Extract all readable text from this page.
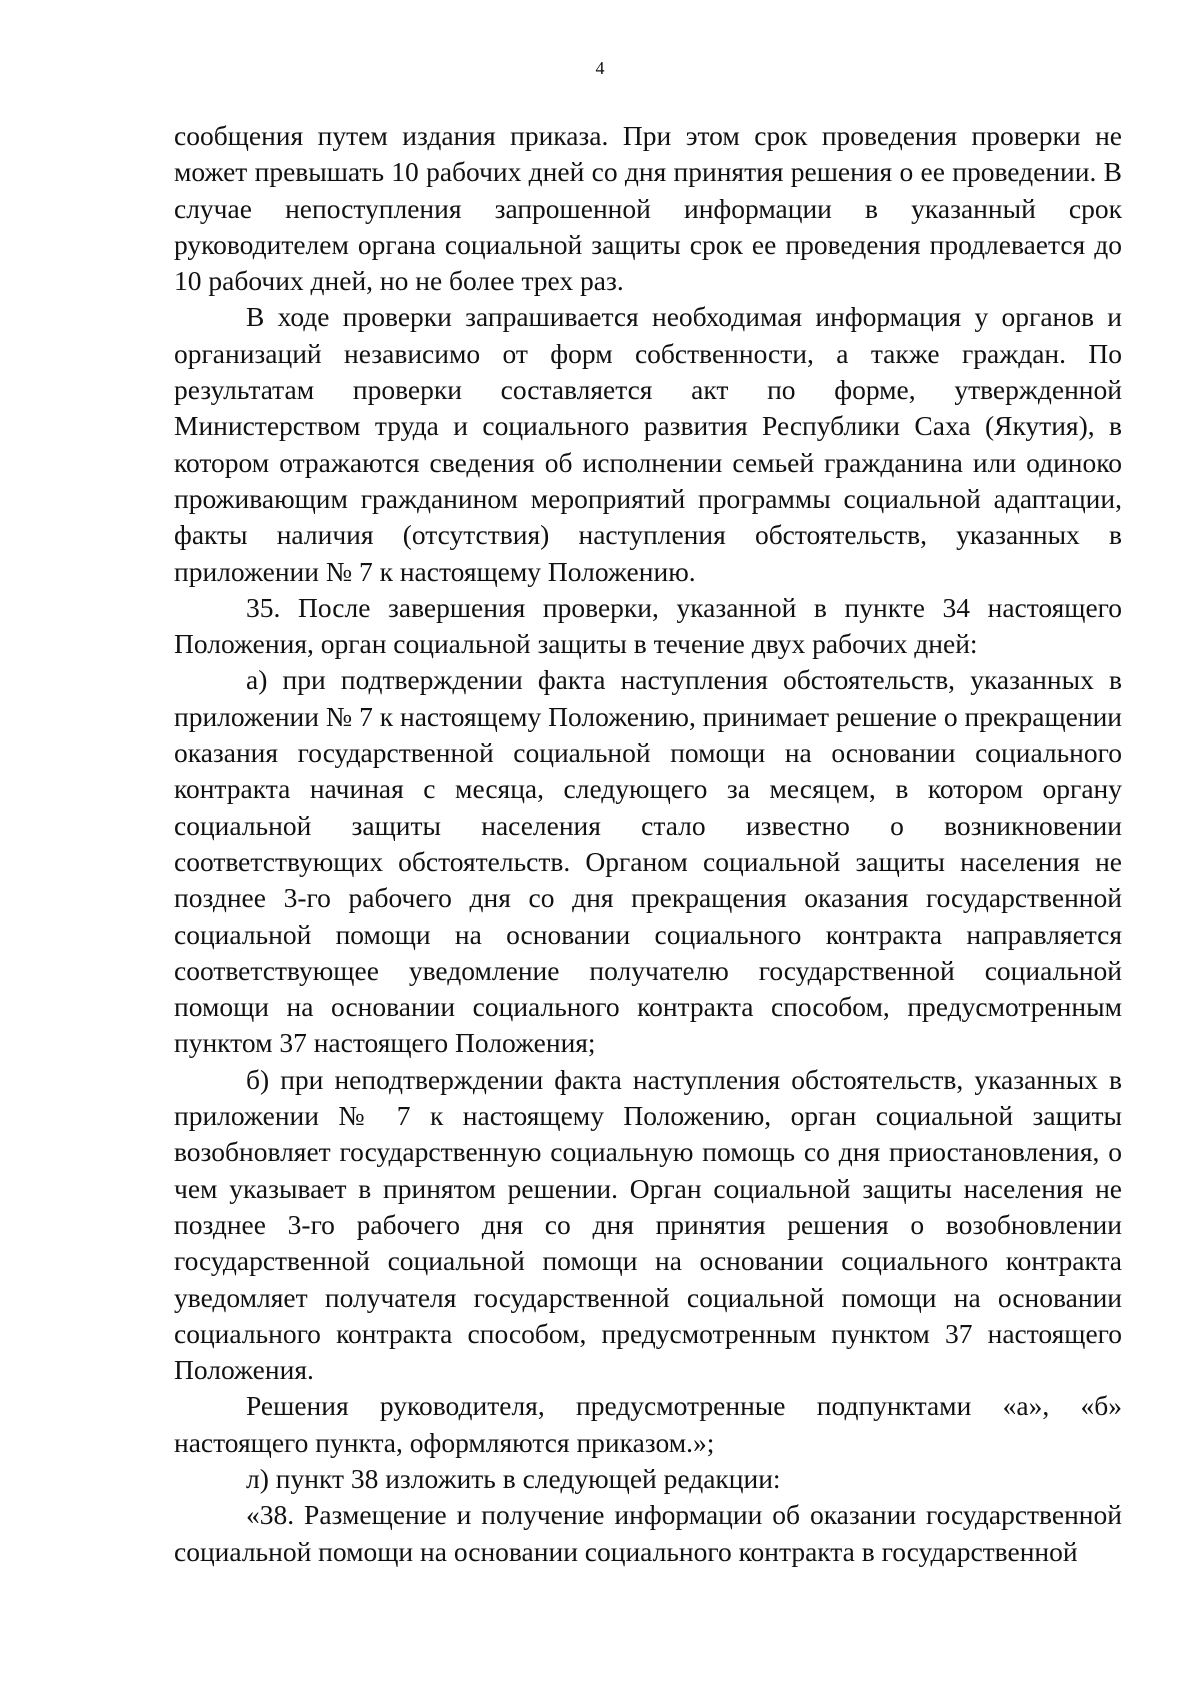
4

сообщения путем издания приказа. При этом срок проведения проверки не может превышать 10 рабочих дней со дня принятия решения о ее проведении. В случае непоступления запрошенной информации в указанный срок руководителем органа социальной защиты срок ее проведения продлевается до 10 рабочих дней, но не более трех раз.

В ходе проверки запрашивается необходимая информация у органов и организаций независимо от форм собственности, а также граждан. По результатам проверки составляется акт по форме, утвержденной Министерством труда и социального развития Республики Саха (Якутия), в котором отражаются сведения об исполнении семьей гражданина или одиноко проживающим гражданином мероприятий программы социальной адаптации, факты наличия (отсутствия) наступления обстоятельств, указанных в приложении № 7 к настоящему Положению.

35. После завершения проверки, указанной в пункте 34 настоящего Положения, орган социальной защиты в течение двух рабочих дней:

а) при подтверждении факта наступления обстоятельств, указанных в приложении № 7 к настоящему Положению, принимает решение о прекращении оказания государственной социальной помощи на основании социального контракта начиная с месяца, следующего за месяцем, в котором органу социальной защиты населения стало известно о возникновении соответствующих обстоятельств. Органом социальной защиты населения не позднее 3-го рабочего дня со дня прекращения оказания государственной социальной помощи на основании социального контракта направляется соответствующее уведомление получателю государственной социальной помощи на основании социального контракта способом, предусмотренным пунктом 37 настоящего Положения;

б) при неподтверждении факта наступления обстоятельств, указанных в приложении № 7 к настоящему Положению, орган социальной защиты возобновляет государственную социальную помощь со дня приостановления, о чем указывает в принятом решении. Орган социальной защиты населения не позднее 3-го рабочего дня со дня принятия решения о возобновлении государственной социальной помощи на основании социального контракта уведомляет получателя государственной социальной помощи на основании социального контракта способом, предусмотренным пунктом 37 настоящего Положения.

Решения руководителя, предусмотренные подпунктами «а», «б» настоящего пункта, оформляются приказом.»;

л) пункт 38 изложить в следующей редакции:

«38. Размещение и получение информации об оказании государственной социальной помощи на основании социального контракта в государственной
